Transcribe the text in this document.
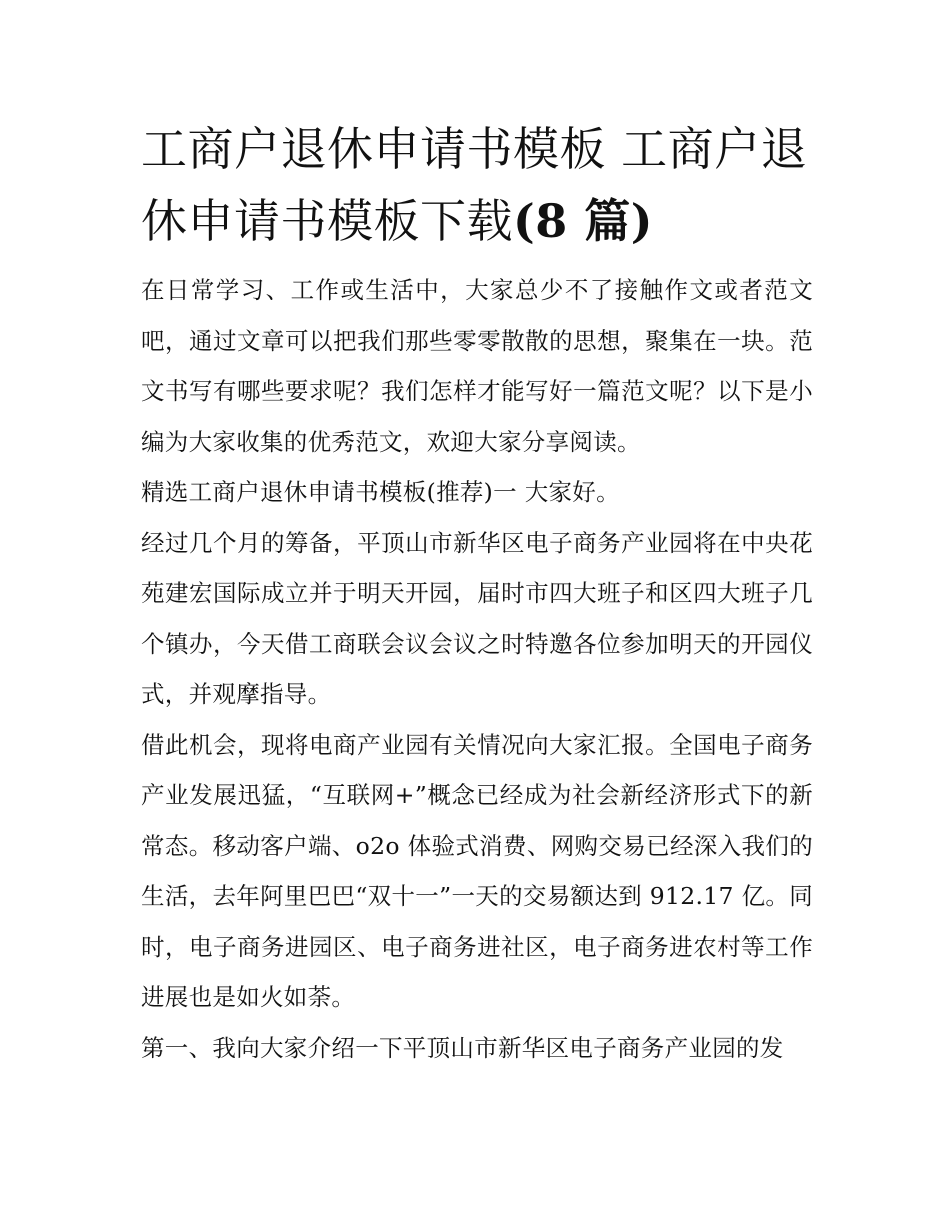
工商户退休申请书模板 工商户退休申请书模板下载(8 篇)

在日常学习、工作或生活中，大家总少不了接触作文或者范文吧，通过文章可以把我们那些零零散散的思想，聚集在一块。范文书写有哪些要求呢？我们怎样才能写好一篇范文呢？以下是小编为大家收集的优秀范文，欢迎大家分享阅读。

精选工商户退休申请书模板(推荐)一 大家好。

经过几个月的筹备，平顶山市新华区电子商务产业园将在中央花苑建宏国际成立并于明天开园，届时市四大班子和区四大班子几个镇办，今天借工商联会议会议之时特邀各位参加明天的开园仪式，并观摩指导。

借此机会，现将电商产业园有关情况向大家汇报。全国电子商务产业发展迅猛，“互联网+”概念已经成为社会新经济形式下的新常态。移动客户端、o2o 体验式消费、网购交易已经深入我们的生活，去年阿里巴巴“双十一”一天的交易额达到 912.17 亿。同时，电子商务进园区、电子商务进社区，电子商务进农村等工作进展也是如火如荼。

第一、我向大家介绍一下平顶山市新华区电子商务产业园的发
